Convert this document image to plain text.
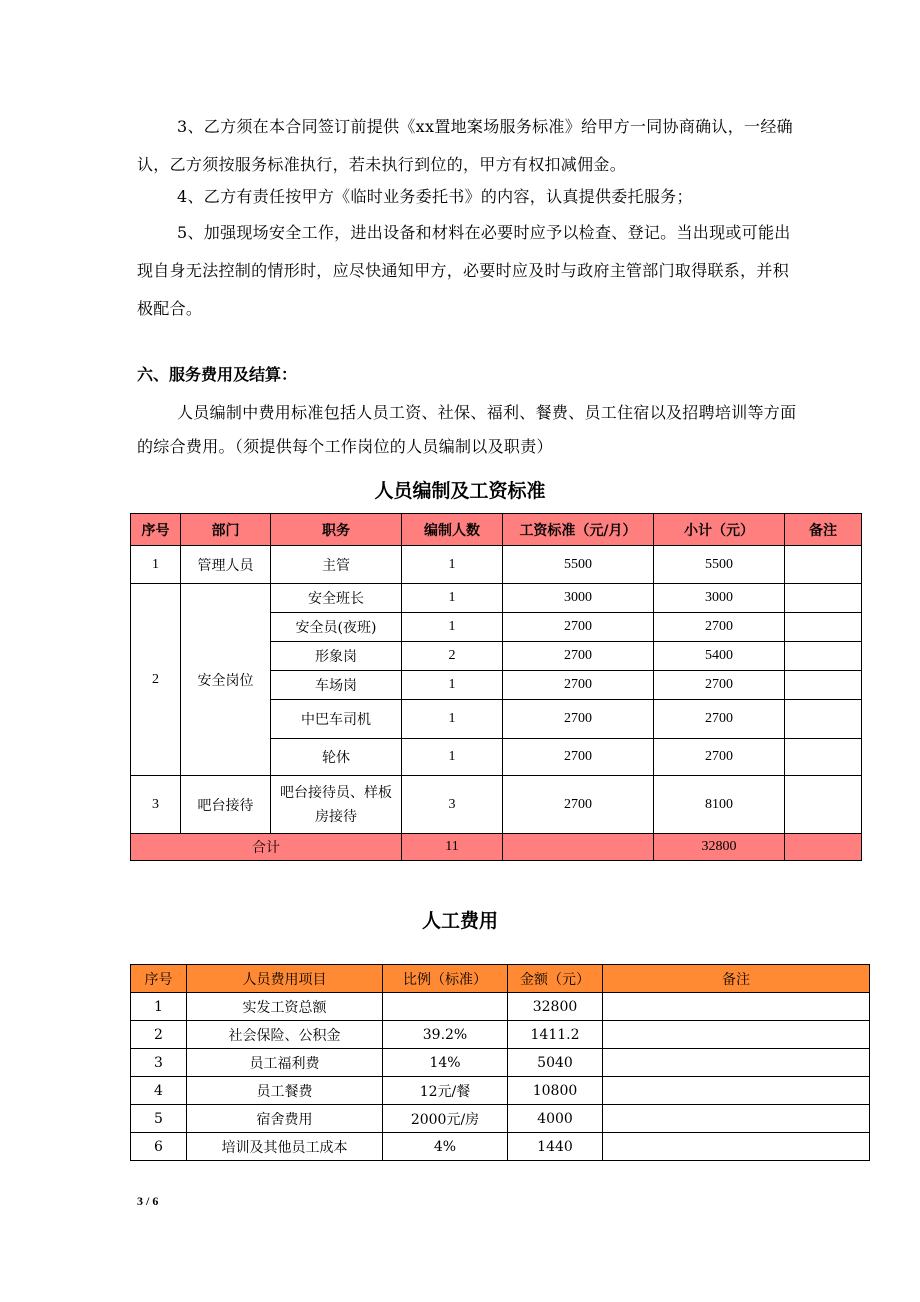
3、乙方须在本合同签订前提供《xx置地案场服务标准》给甲方一同协商确认，一经确认，乙方须按服务标准执行，若未执行到位的，甲方有权扣减佣金。
4、乙方有责任按甲方《临时业务委托书》的内容，认真提供委托服务；
5、加强现场安全工作，进出设备和材料在必要时应予以检查、登记。当出现或可能出现自身无法控制的情形时，应尽快通知甲方，必要时应及时与政府主管部门取得联系，并积极配合。
六、服务费用及结算：
人员编制中费用标准包括人员工资、社保、福利、餐费、员工住宿以及招聘培训等方面的综合费用。（须提供每个工作岗位的人员编制以及职责）
人员编制及工资标准
序号	部门	职务	编制人数	工资标准（元/月）	小计（元）	备注
1	管理人员	主管	1	5500	5500	
2	安全岗位	安全班长	1	3000	3000	
		安全员(夜班)	1	2700	2700	
		形象岗	2	2700	5400	
		车场岗	1	2700	2700	
		中巴车司机	1	2700	2700	
		轮休	1	2700	2700	
3	吧台接待	吧台接待员、样板房接待	3	2700	8100	
合计			11		32800	
人工费用
序号	人员费用项目	比例（标准）	金额（元）	备注
1	实发工资总额		32800	
2	社会保险、公积金	39.2%	1411.2	
3	员工福利费	14%	5040	
4	员工餐费	12元/餐	10800	
5	宿舍费用	2000元/房	4000	
6	培训及其他员工成本	4%	1440	
3 / 6
